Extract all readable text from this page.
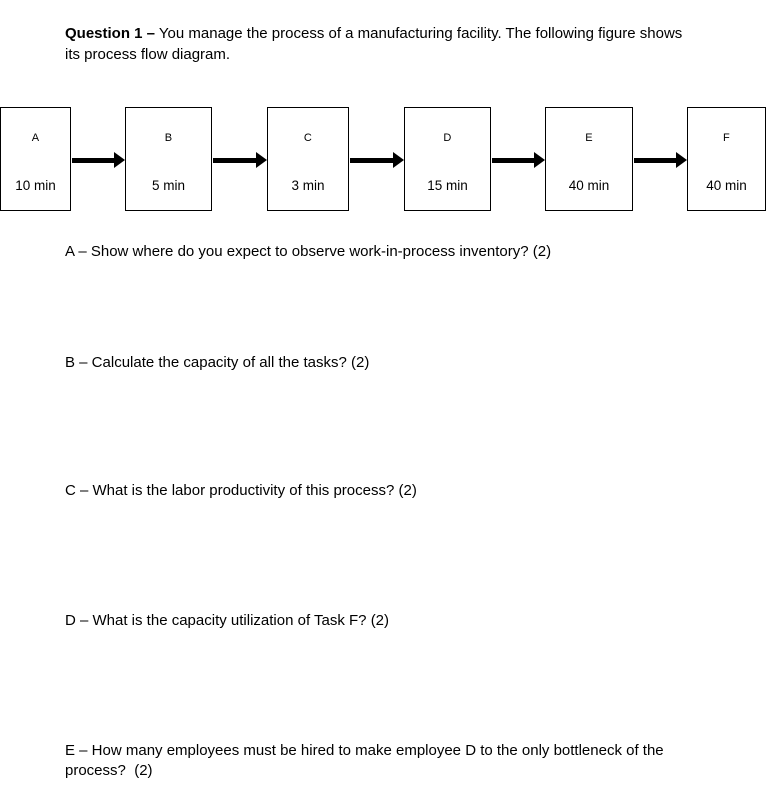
Question 1 – You manage the process of a manufacturing facility. The following figure shows its process flow diagram.

A
10 min
B
5 min
C
3 min
D
15 min
E
40 min
F
40 min

A – Show where do you expect to observe work-in-process inventory? (2)

B – Calculate the capacity of all the tasks? (2)

C – What is the labor productivity of this process? (2)

D – What is the capacity utilization of Task F? (2)

E – How many employees must be hired to make employee D to the only bottleneck of the process?  (2)
